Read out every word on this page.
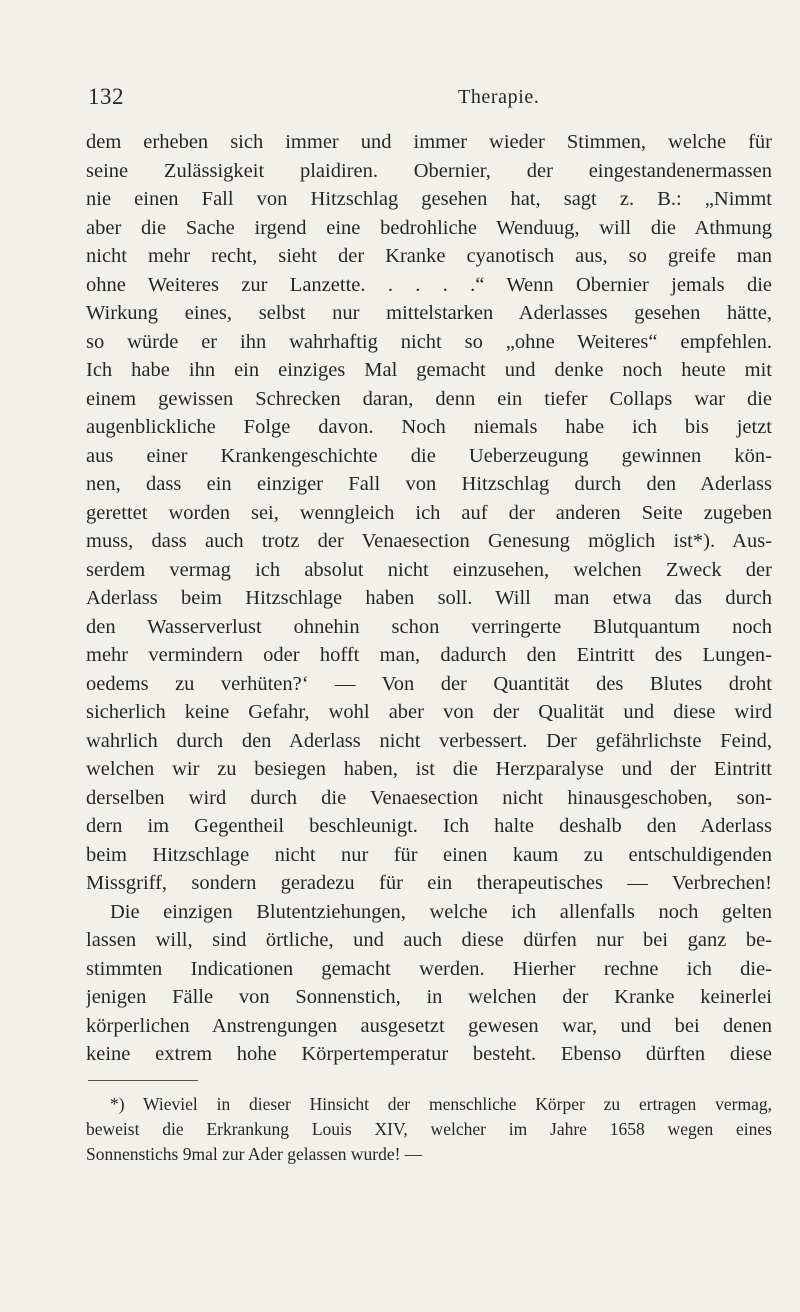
132	Therapie.
dem erheben sich immer und immer wieder Stimmen, welche für
seine Zulässigkeit plaidiren. Obernier, der eingestandenermassen
nie einen Fall von Hitzschlag gesehen hat, sagt z. B.: „Nimmt
aber die Sache irgend eine bedrohliche Wenduug, will die Athmung
nicht mehr recht, sieht der Kranke cyanotisch aus, so greife man
ohne Weiteres zur Lanzette. . . . .“ Wenn Obernier jemals die
Wirkung eines, selbst nur mittelstarken Aderlasses gesehen hätte,
so würde er ihn wahrhaftig nicht so „ohne Weiteres“ empfehlen.
Ich habe ihn ein einziges Mal gemacht und denke noch heute mit
einem gewissen Schrecken daran, denn ein tiefer Collaps war die
augenblickliche Folge davon. Noch niemals habe ich bis jetzt
aus einer Krankengeschichte die Ueberzeugung gewinnen kön-
nen, dass ein einziger Fall von Hitzschlag durch den Aderlass
gerettet worden sei, wenngleich ich auf der anderen Seite zugeben
muss, dass auch trotz der Venaesection Genesung möglich ist*). Aus-
serdem vermag ich absolut nicht einzusehen, welchen Zweck der
Aderlass beim Hitzschlage haben soll. Will man etwa das durch
den Wasserverlust ohnehin schon verringerte Blutquantum noch
mehr vermindern oder hofft man, dadurch den Eintritt des Lungen-
oedems zu verhüten?‘ — Von der Quantität des Blutes droht
sicherlich keine Gefahr, wohl aber von der Qualität und diese wird
wahrlich durch den Aderlass nicht verbessert. Der gefährlichste Feind,
welchen wir zu besiegen haben, ist die Herzparalyse und der Eintritt
derselben wird durch die Venaesection nicht hinausgeschoben, son-
dern im Gegentheil beschleunigt. Ich halte deshalb den Aderlass
beim Hitzschlage nicht nur für einen kaum zu entschuldigenden
Missgriff, sondern geradezu für ein therapeutisches — Verbrechen!
Die einzigen Blutentziehungen, welche ich allenfalls noch gelten
lassen will, sind örtliche, und auch diese dürfen nur bei ganz be-
stimmten Indicationen gemacht werden. Hierher rechne ich die-
jenigen Fälle von Sonnenstich, in welchen der Kranke keinerlei
körperlichen Anstrengungen ausgesetzt gewesen war, und bei denen
keine extrem hohe Körpertemperatur besteht. Ebenso dürften diese
*) Wieviel in dieser Hinsicht der menschliche Körper zu ertragen vermag,
beweist die Erkrankung Louis XIV, welcher im Jahre 1658 wegen eines
Sonnenstichs 9mal zur Ader gelassen wurde! —
